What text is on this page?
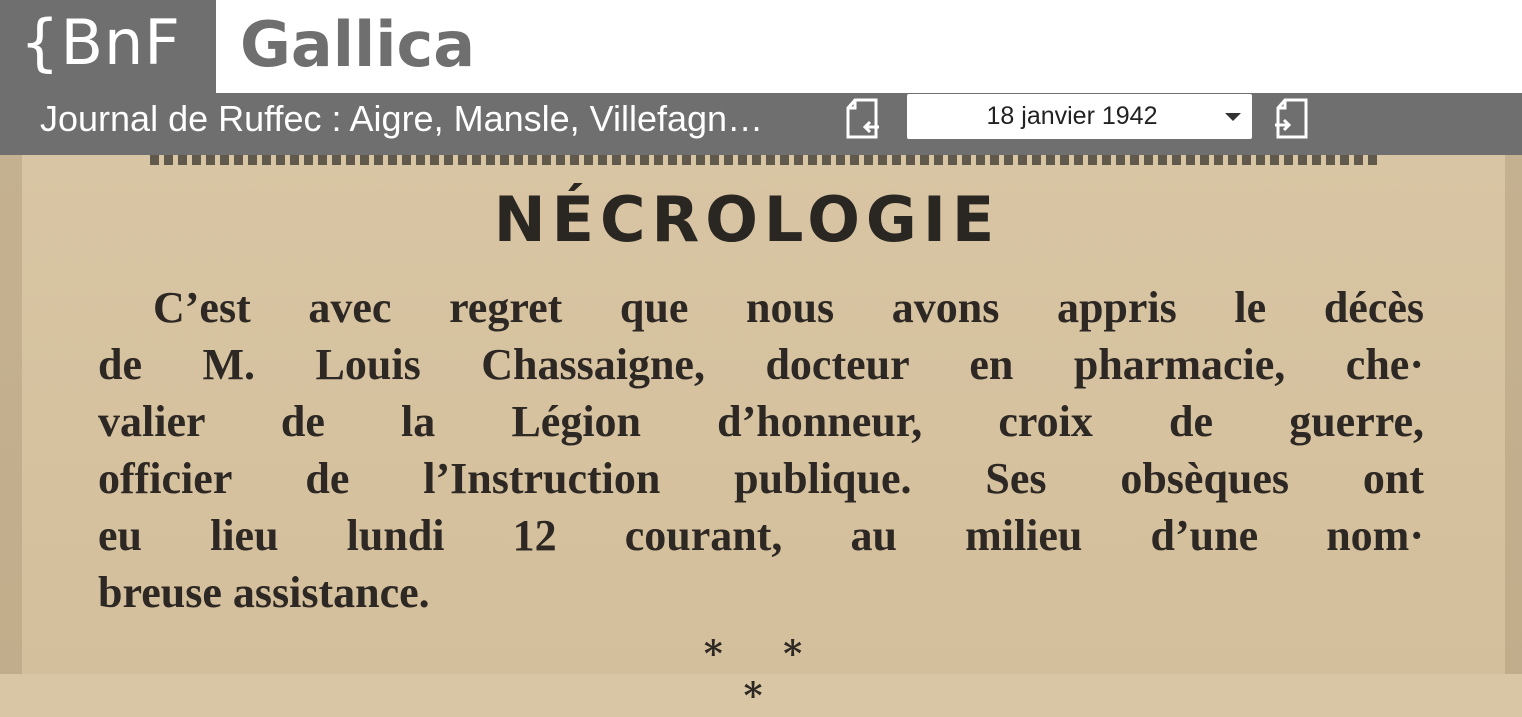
{BnF Gallica
Journal de Ruffec : Aigre, Mansle, Villefagn…	18 janvier 1942

NÉCROLOGIE
C’est avec regret que nous avons appris le décès
de M. Louis Chassaigne, docteur en pharmacie, che·
valier de la Légion d’honneur, croix de guerre,
officier de l’Instruction publique. Ses obsèques ont
eu lieu lundi 12 courant, au milieu d’une nom·
breuse assistance.
* * *
